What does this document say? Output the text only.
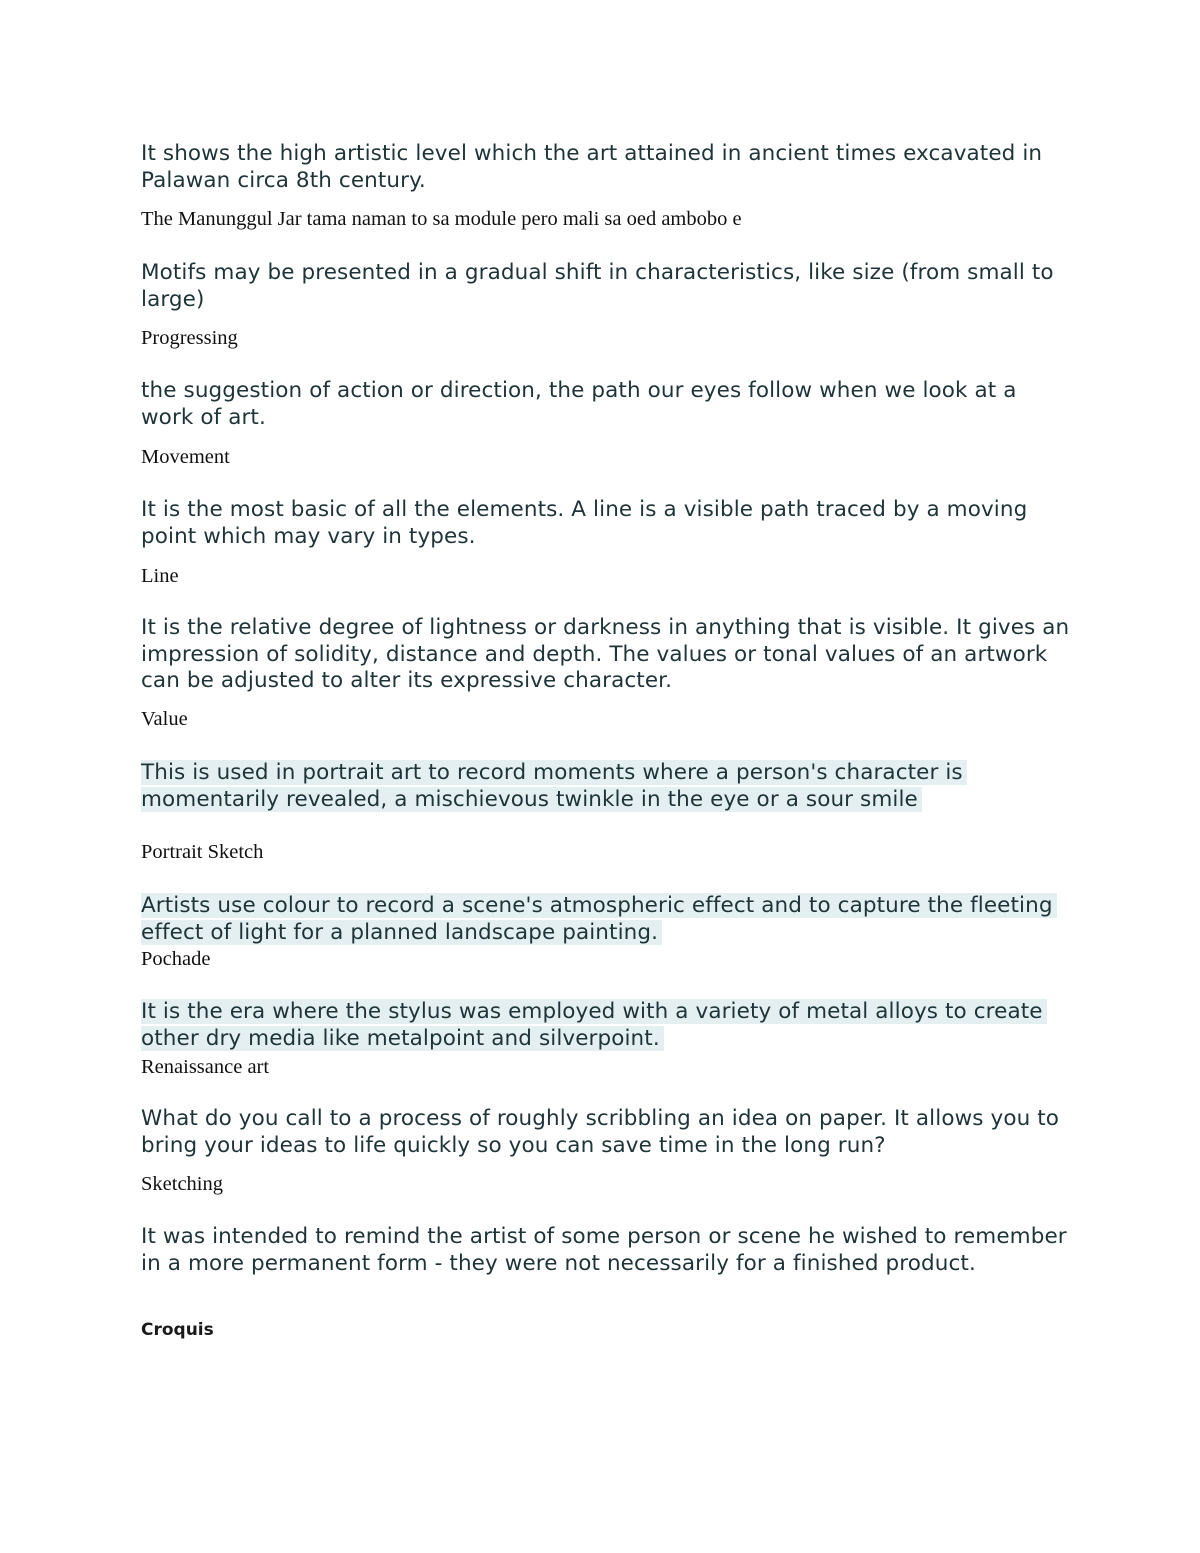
It shows the high artistic level which the art attained in ancient times excavated in Palawan circa 8th century.

The Manunggul Jar tama naman to sa module pero mali sa oed ambobo e

Motifs may be presented in a gradual shift in characteristics, like size (from small to large)

Progressing

the suggestion of action or direction, the path our eyes follow when we look at a work of art.

Movement

It is the most basic of all the elements. A line is a visible path traced by a moving point which may vary in types.

Line

It is the relative degree of lightness or darkness in anything that is visible. It gives an impression of solidity, distance and depth. The values or tonal values of an artwork can be adjusted to alter its expressive character.

Value

This is used in portrait art to record moments where a person's character is momentarily revealed, a mischievous twinkle in the eye or a sour smile

Portrait Sketch

Artists use colour to record a scene's atmospheric effect and to capture the fleeting effect of light for a planned landscape painting.

Pochade

It is the era where the stylus was employed with a variety of metal alloys to create other dry media like metalpoint and silverpoint.

Renaissance art

What do you call to a process of roughly scribbling an idea on paper. It allows you to bring your ideas to life quickly so you can save time in the long run?

Sketching

It was intended to remind the artist of some person or scene he wished to remember in a more permanent form - they were not necessarily for a finished product.

Croquis
